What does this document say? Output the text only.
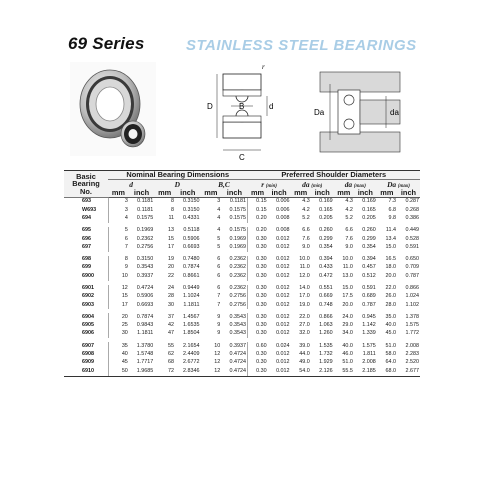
69 Series	STAINLESS STEEL BEARINGS
r
D	d
B
C
Da	da
Basic
Bearing
No.	Nominal Bearing Dimensions						Preferred Shoulder Diameters							
	d		D		B,C		r (min)		da (min)		da (max)		Da (max)	
	mm	inch	mm	inch	mm	inch	mm	inch	mm	inch	mm	inch	mm	inch
693	3	0.1181	8	0.3150	3	0.1181	0.15	0.006	4.3	0.169	4.3	0.169	7.3	0.287
W693	3	0.1181	8	0.3150	4	0.1575	0.15	0.006	4.2	0.165	4.2	0.165	6.8	0.268
694	4	0.1575	11	0.4331	4	0.1575	0.20	0.008	5.2	0.205	5.2	0.205	9.8	0.386

695	5	0.1969	13	0.5118	4	0.1575	0.20	0.008	6.6	0.260	6.6	0.260	11.4	0.449
696	6	0.2362	15	0.5906	5	0.1969	0.30	0.012	7.6	0.299	7.6	0.299	13.4	0.528
697	7	0.2756	17	0.6693	5	0.1969	0.30	0.012	9.0	0.354	9.0	0.354	15.0	0.591

698	8	0.3150	19	0.7480	6	0.2362	0.30	0.012	10.0	0.394	10.0	0.394	16.5	0.650
699	9	0.3543	20	0.7874	6	0.2362	0.30	0.012	11.0	0.433	11.0	0.457	18.0	0.709
6900	10	0.3937	22	0.8661	6	0.2362	0.30	0.012	12.0	0.472	13.0	0.512	20.0	0.787

6901	12	0.4724	24	0.9449	6	0.2362	0.30	0.012	14.0	0.551	15.0	0.591	22.0	0.866
6902	15	0.5906	28	1.1024	7	0.2756	0.30	0.012	17.0	0.669	17.5	0.689	26.0	1.024
6903	17	0.6693	30	1.1811	7	0.2756	0.30	0.012	19.0	0.748	20.0	0.787	28.0	1.102

6904	20	0.7874	37	1.4567	9	0.3543	0.30	0.012	22.0	0.866	24.0	0.945	35.0	1.378
6905	25	0.9843	42	1.6535	9	0.3543	0.30	0.012	27.0	1.063	29.0	1.142	40.0	1.575
6906	30	1.1811	47	1.8504	9	0.3543	0.30	0.012	32.0	1.260	34.0	1.339	45.0	1.772

6907	35	1.3780	55	2.1654	10	0.3937	0.60	0.024	39.0	1.535	40.0	1.575	51.0	2.008
6908	40	1.5748	62	2.4409	12	0.4724	0.30	0.012	44.0	1.732	46.0	1.811	58.0	2.283
6909	45	1.7717	68	2.6772	12	0.4724	0.30	0.012	49.0	1.929	51.0	2.008	64.0	2.520
6910	50	1.9685	72	2.8346	12	0.4724	0.30	0.012	54.0	2.126	55.5	2.185	68.0	2.677
